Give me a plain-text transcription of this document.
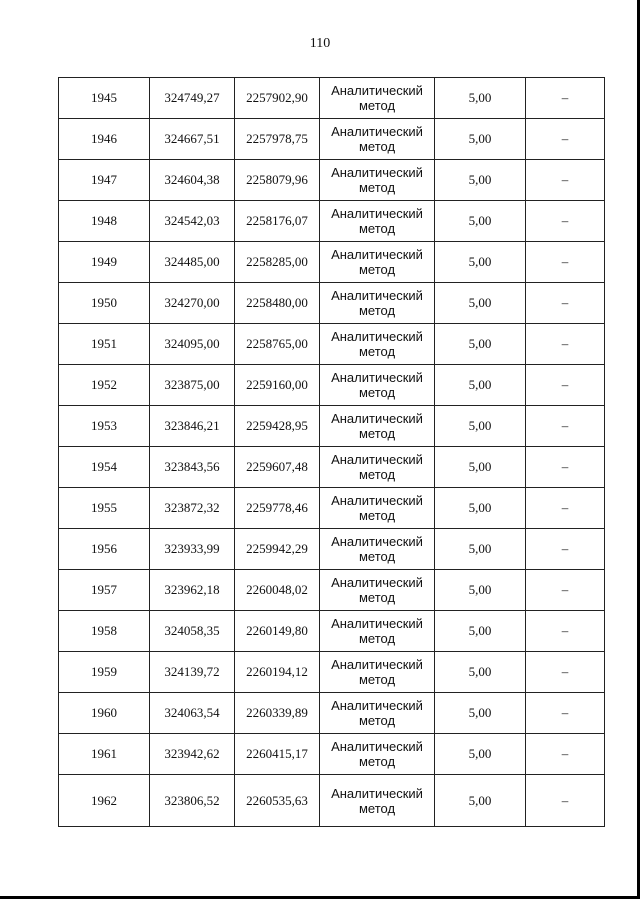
110
1945	324749,27	2257902,90	Аналитический метод	5,00	–
1946	324667,51	2257978,75	Аналитический метод	5,00	–
1947	324604,38	2258079,96	Аналитический метод	5,00	–
1948	324542,03	2258176,07	Аналитический метод	5,00	–
1949	324485,00	2258285,00	Аналитический метод	5,00	–
1950	324270,00	2258480,00	Аналитический метод	5,00	–
1951	324095,00	2258765,00	Аналитический метод	5,00	–
1952	323875,00	2259160,00	Аналитический метод	5,00	–
1953	323846,21	2259428,95	Аналитический метод	5,00	–
1954	323843,56	2259607,48	Аналитический метод	5,00	–
1955	323872,32	2259778,46	Аналитический метод	5,00	–
1956	323933,99	2259942,29	Аналитический метод	5,00	–
1957	323962,18	2260048,02	Аналитический метод	5,00	–
1958	324058,35	2260149,80	Аналитический метод	5,00	–
1959	324139,72	2260194,12	Аналитический метод	5,00	–
1960	324063,54	2260339,89	Аналитический метод	5,00	–
1961	323942,62	2260415,17	Аналитический метод	5,00	–
1962	323806,52	2260535,63	Аналитический метод	5,00	–
